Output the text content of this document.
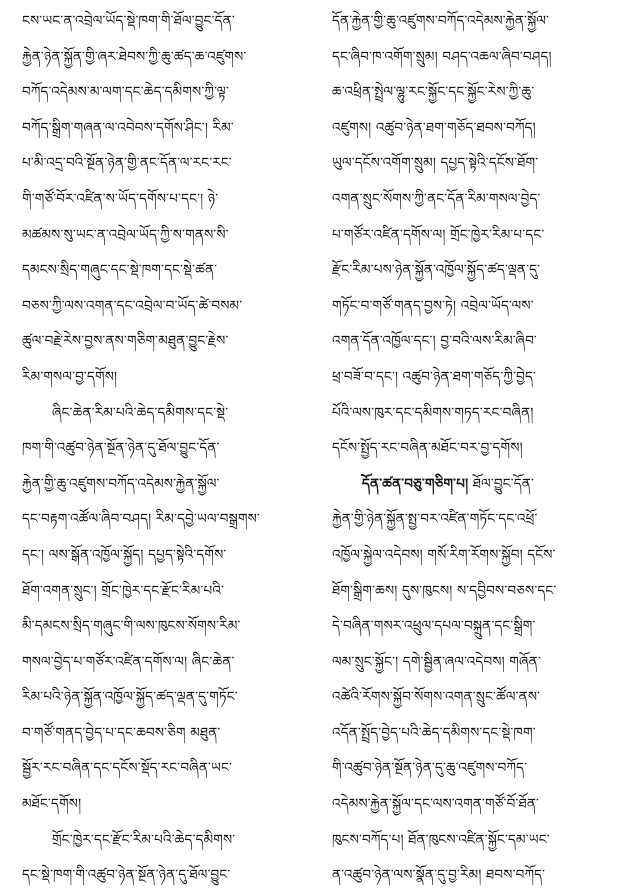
ངས་ཡང་ན་འབྲེལ་ཡོད་སྡེ་ཁག་གི་ཐོལ་བྱུང་དོན་
རྐྱེན་ཉེན་སྐྱོན་གྱི་ཞར་ཐེབས་ཀྱི་ཆུ་ཚད་ཆ་འཛུགས་
བཀོད་འདེམས་མ་ལག་དང་ཆེད་དམིགས་ཀྱི་ལྟ་
བཀོད་སྒྲིག་གཞན་ལ་འབེབས་དགོས་ཤིང་། རིམ་
པ་མི་འདྲ་བའི་སྔོན་ཉེན་གྱི་ནང་དོན་ལ་རང་རང་
གི་གཙོ་བོར་འཛིན་ས་ཡོད་དགོས་པ་དང་། ཉེ་
མཚམས་སུ་ཡང་ན་འབྲེལ་ཡོད་ཀྱི་ས་གནས་སི་
དམངས་སྲིད་གཞུང་དང་སྡེ་ཁག་དང་སྡེ་ཚན་
བཅས་ཀྱི་ལས་འགན་དང་འབྲེལ་བ་ཡོད་ཚེ་བསམ་
ཚུལ་བརྗེ་རེས་བྱས་ནས་གཅིག་མཐུན་བྱུང་རྗེས་
རིམ་གསལ་བྱ་དགོས།
ཞིང་ཆེན་རིམ་པའི་ཆེད་དམིགས་དང་སྡེ་
ཁག་གི་འཚུབ་ཉེན་སྔོན་ཉེན་དུ་ཐོལ་བྱུང་དོན་
རྐྱེན་གྱི་ཆུ་འཛུགས་བཀོད་འདེམས་རྐྱེན་སྐྱོལ་
དང་བརྟག་འཚོལ་ཞིབ་བཤད། རིམ་དབྱེ་ཡལ་བསྒྲགས་
དང་། ལས་སྒོན་འཁྱོལ་སྐྱོད། དཔྱད་སྟེའི་དགོས་
ཐོག་འགན་སྲུང་། གྲོང་ཁྱེར་དང་རྫོང་རིམ་པའི་
མི་དམངས་སྲིད་གཞུང་གི་ལས་ཁུངས་སོགས་རིམ་
གསལ་བྱེད་པ་གཙོར་འཛིན་དགོས་ལ། ཞིང་ཆེན་
རིམ་པའི་ཉེན་སྐྱོན་འཁྱོལ་སྐྱོད་ཚད་ལྡན་དུ་གཏོང་
བ་གཙོ་གནད་བྱེད་པ་དང་ཆབས་ཅིག མཐུན་
སྦྱོར་རང་བཞིན་དང་དངོས་སྡོད་རང་བཞིན་ཡང་
མཐོང་དགོས།
གྲོང་ཁྱེར་དང་རྫོང་རིམ་པའི་ཆེད་དམིགས་
དང་སྡེ་ཁག་གི་འཚུབ་ཉེན་སྔོན་ཉེན་དུ་ཐོལ་བྱུང་
དོན་རྐྱེན་གྱི་ཆུ་འཛུགས་བཀོད་འདེམས་རྐྱེན་སྐྱོལ་
དང་ཞིབ་ཁ་འགོག་སྲུམ། བཤད་འཆལ་ཞིབ་བཤད།
ཆ་འཕྲིན་སྤྲེལ་ལྷུ་རང་སྐྱོང་དང་སྐྱོང་རེས་ཀྱི་ཆུ་
འཛུགས། འཚུབ་ཉེན་ཐག་གཅོད་ཐབས་བཀོད།
ཡུལ་དངོས་འགོག་སྲུམ། དཔྱད་སྟེའི་དངོས་ཐོག་
འགན་སྲུང་སོགས་ཀྱི་ནང་དོན་རིམ་གསལ་བྱེད་
པ་གཙོར་འཛིན་དགོས་ལ། གྲོང་ཁྱེར་རིམ་པ་དང་
རྫོང་རིམ་པས་ཉེན་སྐྱོན་འཁྱོལ་སྐྱོད་ཚད་ལྡན་དུ་
གཏོང་བ་གཙོ་གནད་བྱས་ཏེ། འབྲེལ་ཡོད་ལས་
འགན་དོན་འཁྱོལ་དང་། བྱ་བའི་ལས་རིམ་ཞིབ་
ཕྲ་བཟོ་བ་དང་། འཚུབ་ཉེན་ཐག་གཅོད་ཀྱི་བྱེད་
པོའི་ལས་ཁུར་དང་དམིགས་གཏད་རང་བཞིན།
དངོས་སྤྱོད་རང་བཞིན་མཐོང་བར་བྱ་དགོས།
དོན་ཚན་བཅུ་གཅིག་པ། ཐོལ་བྱུང་དོན་
རྐྱེན་གྱི་ཉེན་སྐྱོན་སྤྱ་བར་འཛིན་གཏོང་དང་འཕྲོ་
འཁྱོལ་སྐྱེལ་འདེབས། གསོ་རིག་རོགས་སྐྱོབ། དངོས་
ཐོག་སྒྲིག་ཆས། དུས་ཁུངས། ས་དབྱིབས་བཅས་དང་
དེ་བཞིན་གསར་འཕྲུལ་དཔལ་བསྐྲུན་དང་སྒྲིག་
ལམ་སྲུང་སྐྱོང་། དགེ་སྦྱིན་ཞལ་འདེབས། གཞོན་
འཚེའི་རོགས་སྐྱོབ་སོགས་འགན་སྲུང་ཚོལ་ནས་
འདོན་སྤྲོད་བྱེད་པའི་ཆེད་དམིགས་དང་སྡེ་ཁག་
གི་འཚུབ་ཉེན་སྔོན་ཉེན་དུ་ཆུ་འཛུགས་བཀོད་
འདེམས་རྐྱེན་སྐྱོལ་དང་ལས་འགན་གཙོ་བོ་ཐོན་
ཁུངས་བཀོད་པ། ཐོན་ཁུངས་འཛིན་སྐྱོང་དམ་ཡང་
ན་འཚུབ་ཉེན་ལས་སྣོན་དུ་བྱ་རིམ། ཐབས་བཀོད་
